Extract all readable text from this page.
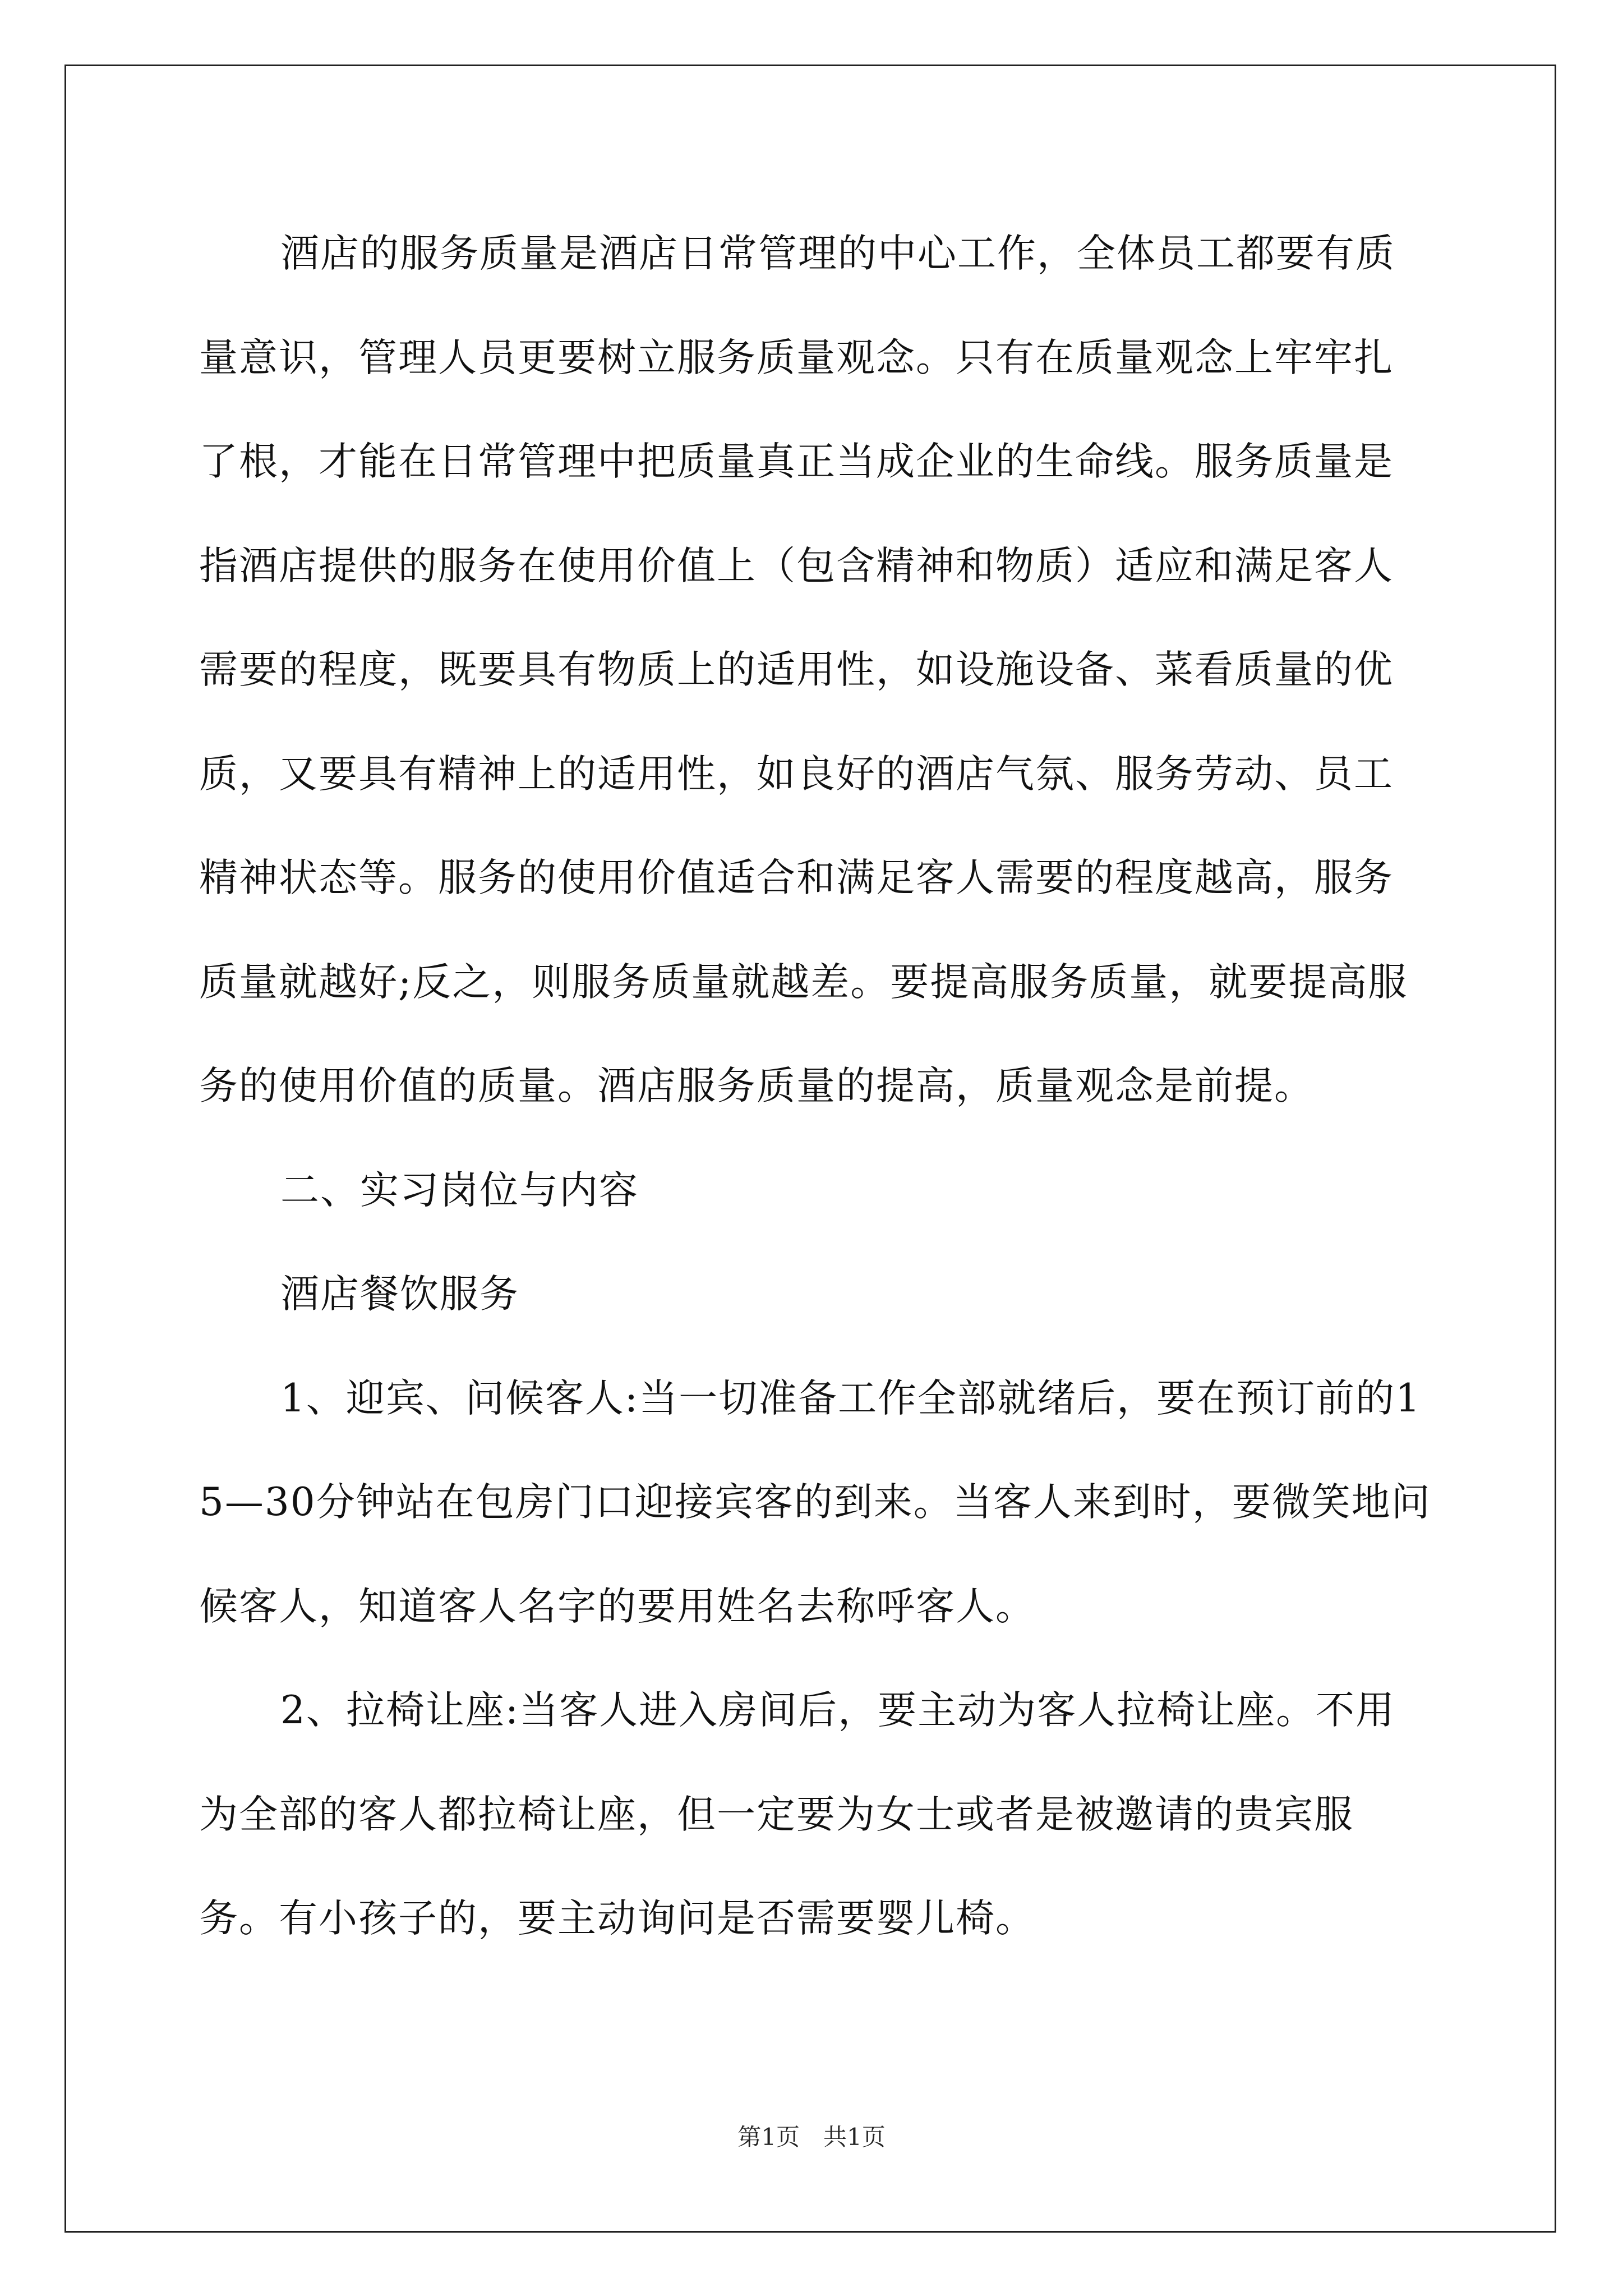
酒店的服务质量是酒店日常管理的中心工作，全体员工都要有质量意识，管理人员更要树立服务质量观念。只有在质量观念上牢牢扎了根，才能在日常管理中把质量真正当成企业的生命线。服务质量是指酒店提供的服务在使用价值上（包含精神和物质）适应和满足客人需要的程度，既要具有物质上的适用性，如设施设备、菜看质量的优质，又要具有精神上的适用性，如良好的酒店气氛、服务劳动、员工精神状态等。服务的使用价值适合和满足客人需要的程度越高，服务质量就越好;反之，则服务质量就越差。要提高服务质量，就要提高服务的使用价值的质量。酒店服务质量的提高，质量观念是前提。

二、实习岗位与内容

酒店餐饮服务

1、迎宾、问候客人:当一切准备工作全部就绪后，要在预订前的15—30分钟站在包房门口迎接宾客的到来。当客人来到时，要微笑地问候客人，知道客人名字的要用姓名去称呼客人。

2、拉椅让座:当客人进入房间后，要主动为客人拉椅让座。不用为全部的客人都拉椅让座，但一定要为女士或者是被邀请的贵宾服务。有小孩子的，要主动询问是否需要婴儿椅。

第1页　共1页
